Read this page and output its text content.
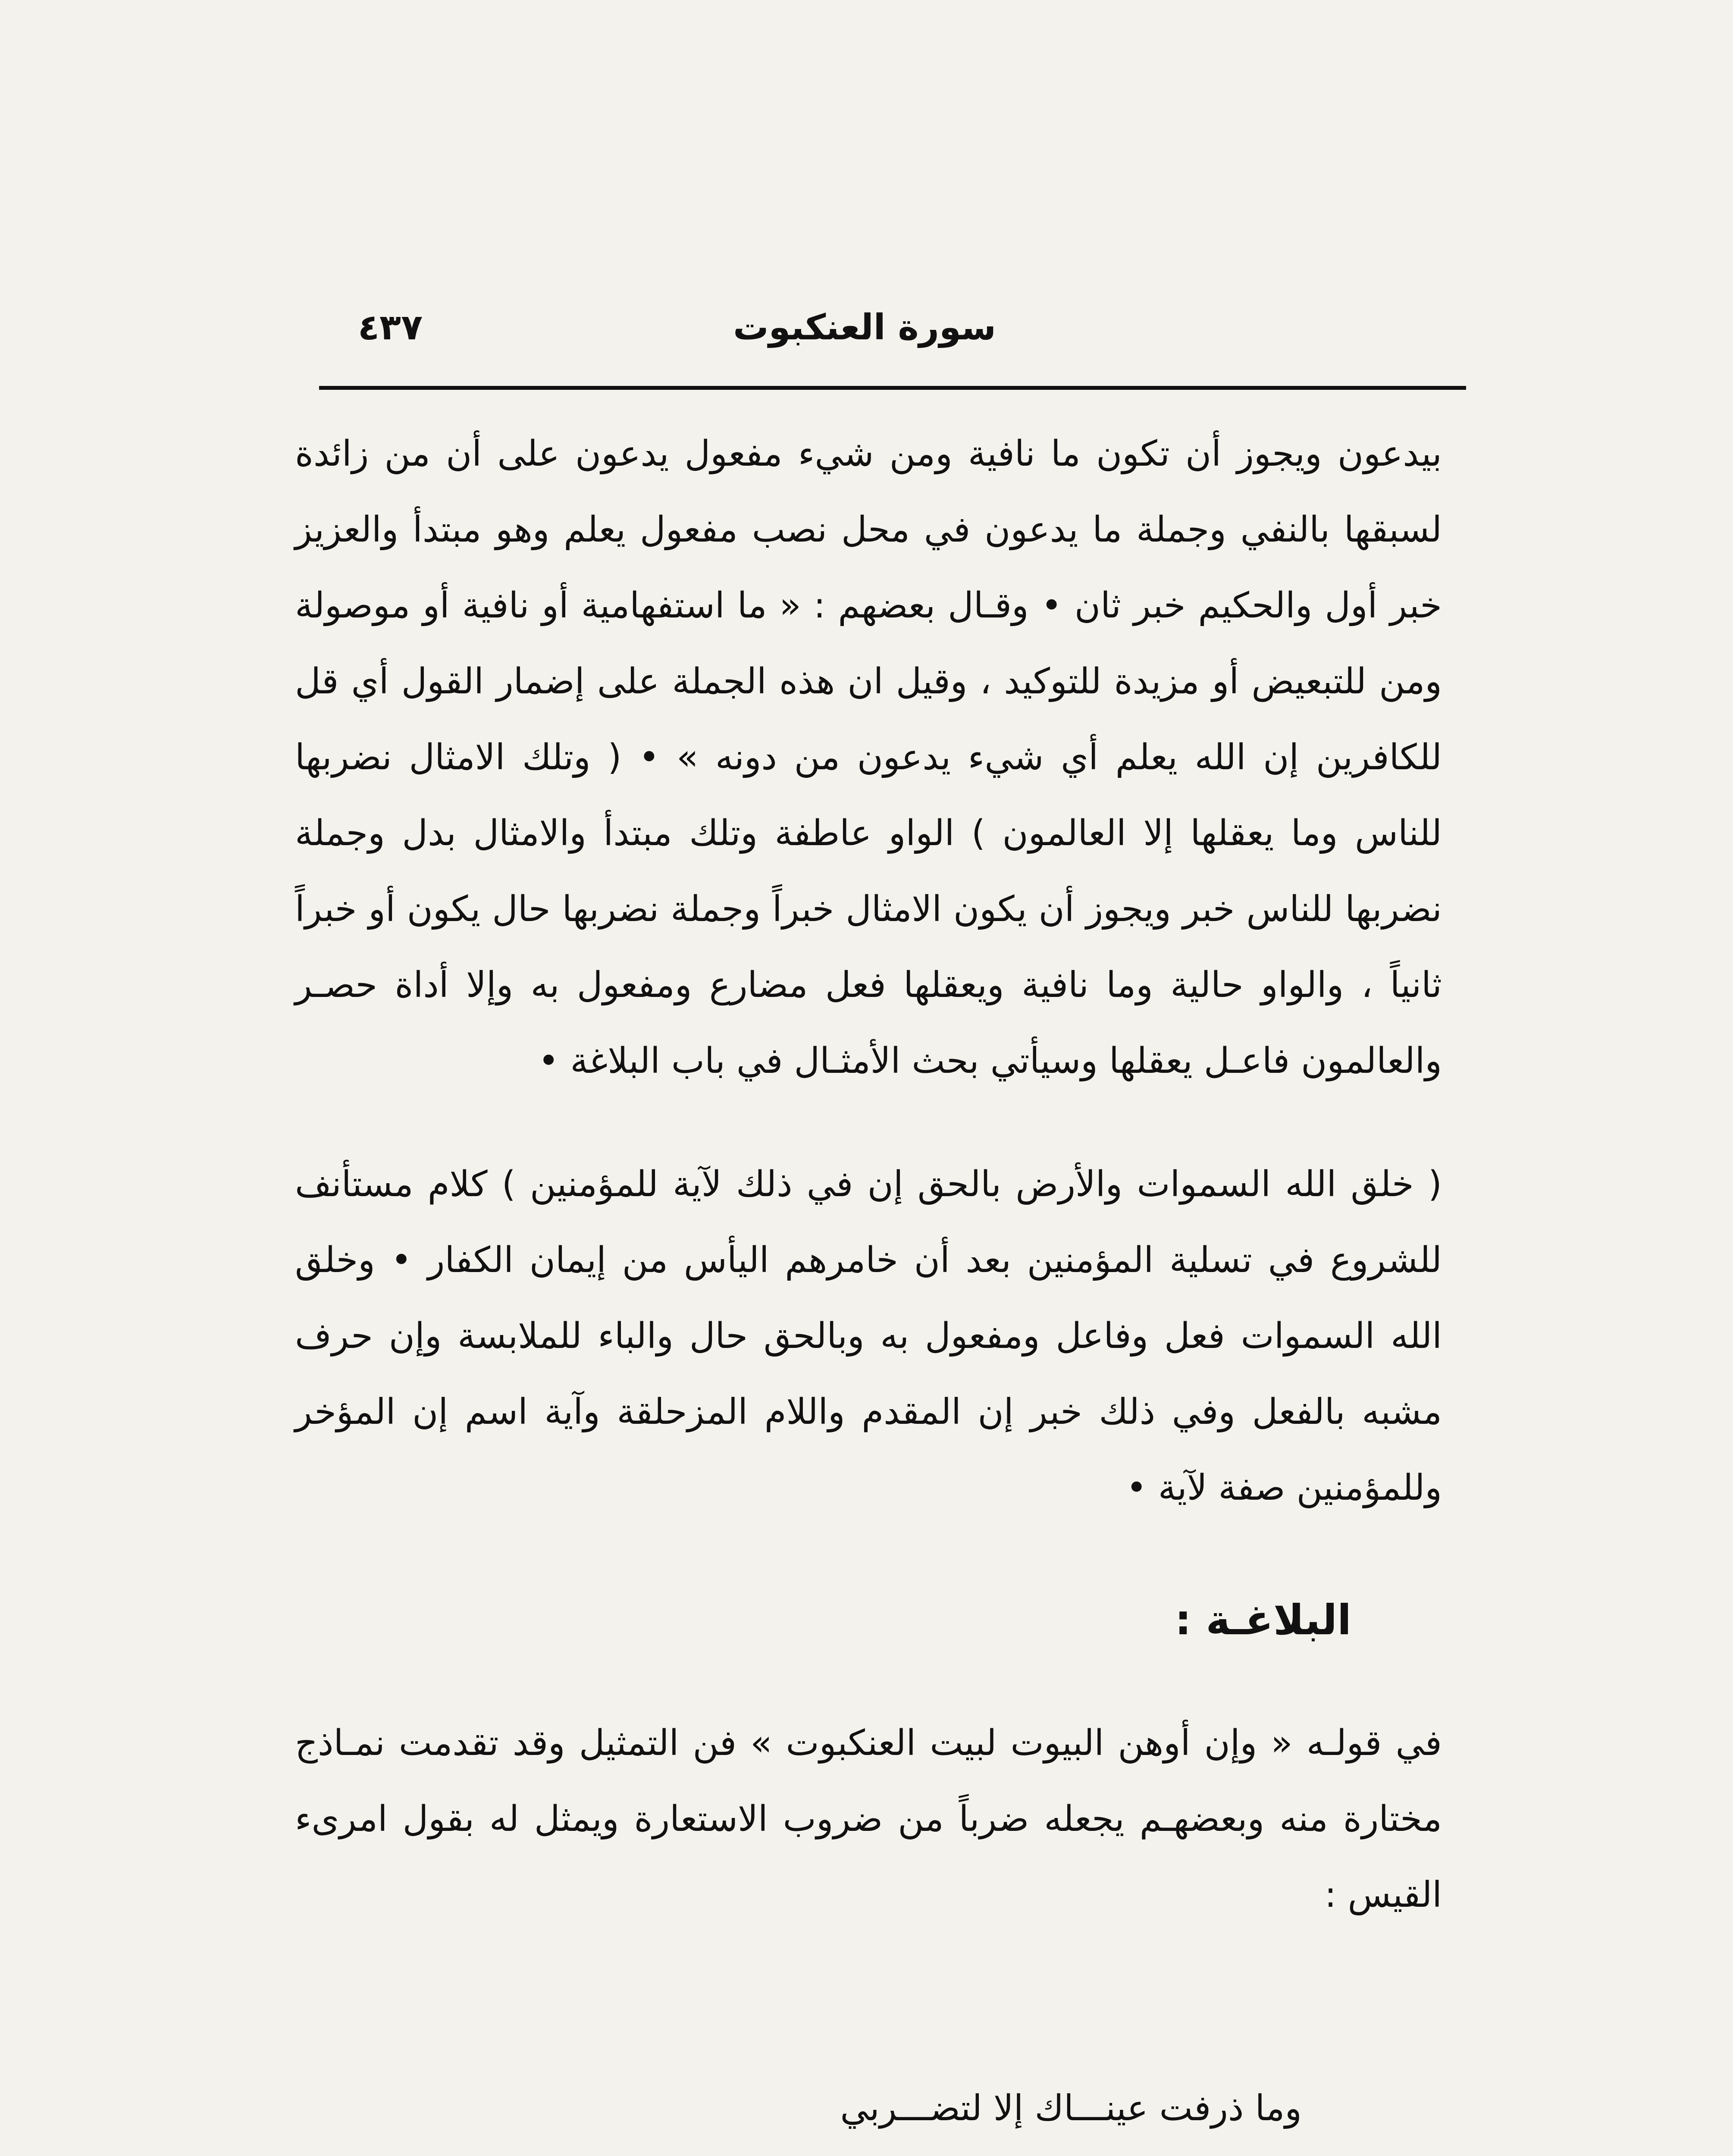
سورة العنكبوت
٤٣٧

بيدعون ويجوز أن تكون ما نافية ومن شيء مفعول يدعون على أن من زائدة لسبقها بالنفي وجملة ما يدعون في محل نصب مفعول يعلم وهو مبتدأ والعزيز خبر أول والحكيم خبر ثان • وقـال بعضهم : « ما استفهامية أو نافية أو موصولة ومن للتبعيض أو مزيدة للتوكيد ، وقيل ان هذه الجملة على إضمار القول أي قل للكافرين إن الله يعلم أي شيء يدعون من دونه » • ( وتلك الامثال نضربها للناس وما يعقلها إلا العالمون ) الواو عاطفة وتلك مبتدأ والامثال بدل وجملة نضربها للناس خبر ويجوز أن يكون الامثال خبراً وجملة نضربها حال يكون أو خبراً ثانياً ، والواو حالية وما نافية ويعقلها فعل مضارع ومفعول به وإلا أداة حصـر والعالمون فاعـل يعقلها وسيأتي بحث الأمثـال في باب البلاغة •

( خلق الله السموات والأرض بالحق إن في ذلك لآية للمؤمنين ) كلام مستأنف للشروع في تسلية المؤمنين بعد أن خامرهم اليأس من إيمان الكفار • وخلق الله السموات فعل وفاعل ومفعول به وبالحق حال والباء للملابسة وإن حرف مشبه بالفعل وفي ذلك خبر إن المقدم واللام المزحلقة وآية اسم إن المؤخر وللمؤمنين صفة لآية •

البلاغـة :

في قولـه « وإن أوهن البيوت لبيت العنكبوت » فن التمثيل وقد تقدمت نمـاذج مختارة منه وبعضهـم يجعله ضرباً من ضروب الاستعارة ويمثل له بقول امرىء القيس :

وما ذرفت عينـــاك إلا لتضـــربي
